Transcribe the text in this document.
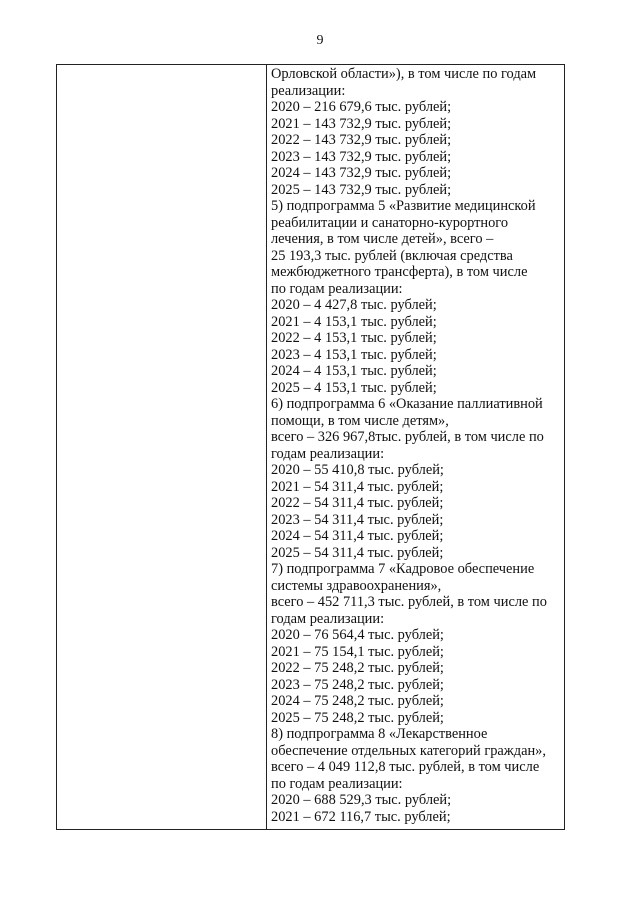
9
Орловской области»), в том числе по годам
реализации:
2020 – 216 679,6 тыс. рублей;
2021 – 143 732,9 тыс. рублей;
2022 – 143 732,9 тыс. рублей;
2023 – 143 732,9 тыс. рублей;
2024 – 143 732,9 тыс. рублей;
2025 – 143 732,9 тыс. рублей;
5) подпрограмма 5 «Развитие медицинской
реабилитации и санаторно-курортного
лечения, в том числе детей», всего –
25 193,3 тыс. рублей (включая средства
межбюджетного трансферта), в том числе
по годам реализации:
2020 – 4 427,8 тыс. рублей;
2021 – 4 153,1 тыс. рублей;
2022 – 4 153,1 тыс. рублей;
2023 – 4 153,1 тыс. рублей;
2024 – 4 153,1 тыс. рублей;
2025 – 4 153,1 тыс. рублей;
6) подпрограмма 6 «Оказание паллиативной
помощи, в том числе детям»,
всего – 326 967,8тыс. рублей, в том числе по
годам реализации:
2020 – 55 410,8 тыс. рублей;
2021 – 54 311,4 тыс. рублей;
2022 – 54 311,4 тыс. рублей;
2023 – 54 311,4 тыс. рублей;
2024 – 54 311,4 тыс. рублей;
2025 – 54 311,4 тыс. рублей;
7) подпрограмма 7 «Кадровое обеспечение
системы здравоохранения»,
всего – 452 711,3 тыс. рублей, в том числе по
годам реализации:
2020 – 76 564,4 тыс. рублей;
2021 – 75 154,1 тыс. рублей;
2022 – 75 248,2 тыс. рублей;
2023 – 75 248,2 тыс. рублей;
2024 – 75 248,2 тыс. рублей;
2025 – 75 248,2 тыс. рублей;
8) подпрограмма 8 «Лекарственное
обеспечение отдельных категорий граждан»,
всего – 4 049 112,8 тыс. рублей, в том числе
по годам реализации:
2020 – 688 529,3 тыс. рублей;
2021 – 672 116,7 тыс. рублей;
